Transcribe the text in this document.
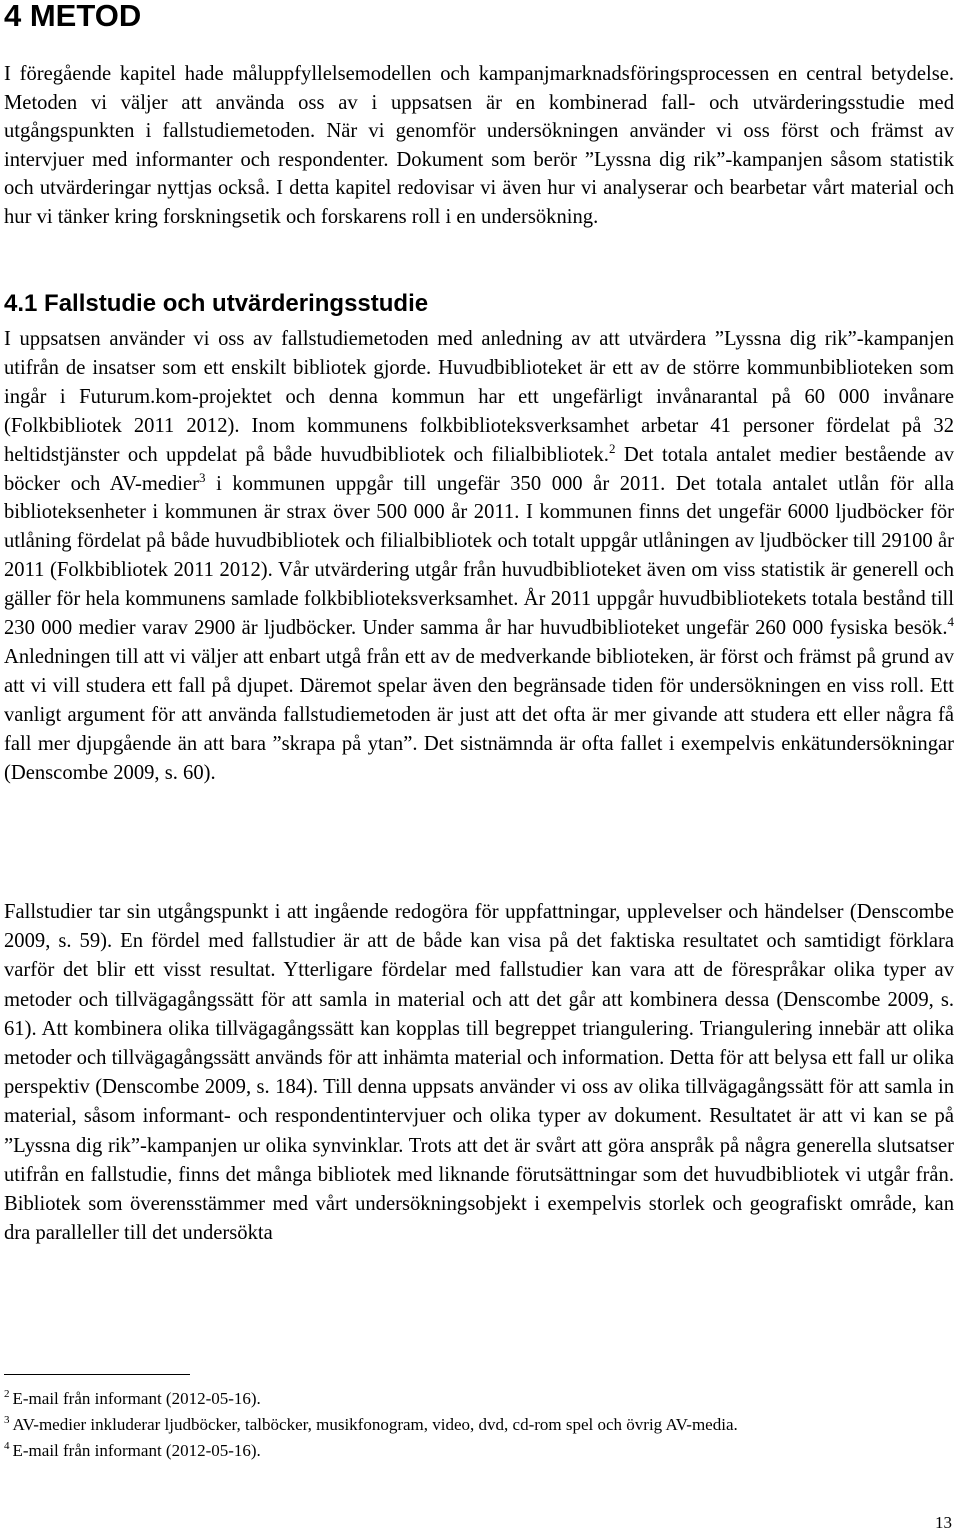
4 METOD

I föregående kapitel hade måluppfyllelsemodellen och kampanjmarknadsföringsprocessen en central betydelse. Metoden vi väljer att använda oss av i uppsatsen är en kombinerad fall- och utvärderingsstudie med utgångspunkten i fallstudiemetoden. När vi genomför undersökningen använder vi oss först och främst av intervjuer med informanter och respondenter. Dokument som berör ”Lyssna dig rik”-kampanjen såsom statistik och utvärderingar nyttjas också. I detta kapitel redovisar vi även hur vi analyserar och bearbetar vårt material och hur vi tänker kring forskningsetik och forskarens roll i en undersökning.

4.1 Fallstudie och utvärderingsstudie

I uppsatsen använder vi oss av fallstudiemetoden med anledning av att utvärdera ”Lyssna dig rik”-kampanjen utifrån de insatser som ett enskilt bibliotek gjorde. Huvudbiblioteket är ett av de större kommunbiblioteken som ingår i Futurum.kom-projektet och denna kommun har ett ungefärligt invånarantal på 60 000 invånare (Folkbibliotek 2011 2012). Inom kommunens folkbiblioteksverksamhet arbetar 41 personer fördelat på 32 heltidstjänster och uppdelat på både huvudbibliotek och filialbibliotek.$^2$ Det totala antalet medier bestående av böcker och AV-medier$^3$ i kommunen uppgår till ungefär 350 000 år 2011. Det totala antalet utlån för alla biblioteksenheter i kommunen är strax över 500 000 år 2011. I kommunen finns det ungefär 6000 ljudböcker för utlåning fördelat på både huvudbibliotek och filialbibliotek och totalt uppgår utlåningen av ljudböcker till 29100 år 2011 (Folkbibliotek 2011 2012). Vår utvärdering utgår från huvudbiblioteket även om viss statistik är generell och gäller för hela kommunens samlade folkbiblioteksverksamhet. År 2011 uppgår huvudbibliotekets totala bestånd till 230 000 medier varav 2900 är ljudböcker. Under samma år har huvudbiblioteket ungefär 260 000 fysiska besök.$^4$ Anledningen till att vi väljer att enbart utgå från ett av de medverkande biblioteken, är först och främst på grund av att vi vill studera ett fall på djupet. Däremot spelar även den begränsade tiden för undersökningen en viss roll. Ett vanligt argument för att använda fallstudiemetoden är just att det ofta är mer givande att studera ett eller några få fall mer djupgående än att bara ”skrapa på ytan”. Det sistnämnda är ofta fallet i exempelvis enkätundersökningar (Denscombe 2009, s. 60).

Fallstudier tar sin utgångspunkt i att ingående redogöra för uppfattningar, upplevelser och händelser (Denscombe 2009, s. 59). En fördel med fallstudier är att de både kan visa på det faktiska resultatet och samtidigt förklara varför det blir ett visst resultat. Ytterligare fördelar med fallstudier kan vara att de förespråkar olika typer av metoder och tillvägagångssätt för att samla in material och att det går att kombinera dessa (Denscombe 2009, s. 61). Att kombinera olika tillvägagångssätt kan kopplas till begreppet triangulering. Triangulering innebär att olika metoder och tillvägagångssätt används för att inhämta material och information. Detta för att belysa ett fall ur olika perspektiv (Denscombe 2009, s. 184). Till denna uppsats använder vi oss av olika tillvägagångssätt för att samla in material, såsom informant- och respondentintervjuer och olika typer av dokument. Resultatet är att vi kan se på ”Lyssna dig rik”-kampanjen ur olika synvinklar. Trots att det är svårt att göra anspråk på några generella slutsatser utifrån en fallstudie, finns det många bibliotek med liknande förutsättningar som det huvudbibliotek vi utgår från. Bibliotek som överensstämmer med vårt undersökningsobjekt i exempelvis storlek och geografiskt område, kan dra paralleller till det undersökta

$^2$ E-mail från informant (2012-05-16).

$^3$ AV-medier inkluderar ljudböcker, talböcker, musikfonogram, video, dvd, cd-rom spel och övrig AV-media.

$^4$ E-mail från informant (2012-05-16).

13
